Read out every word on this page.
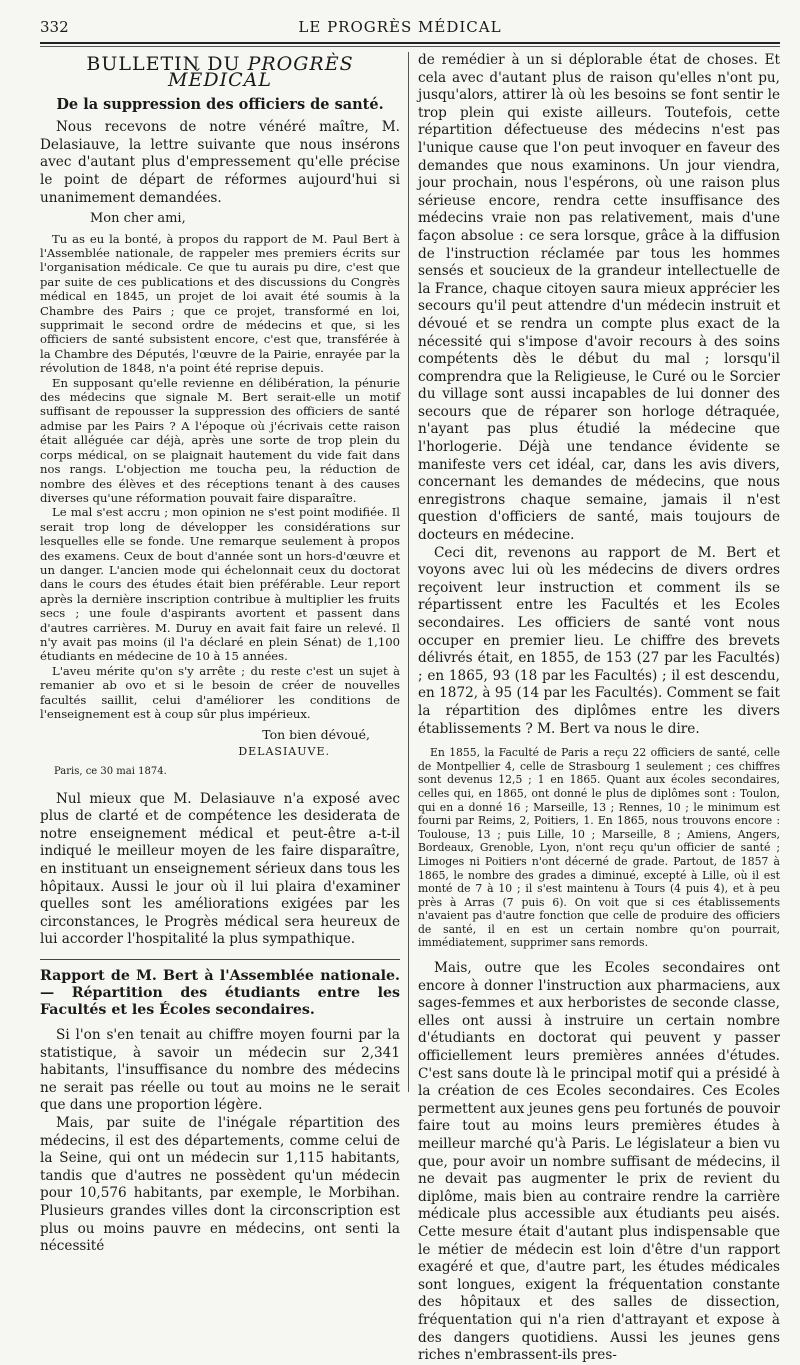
332	LE PROGRÈS MÉDICAL
BULLETIN DU PROGRÈS MÉDICAL
De la suppression des officiers de santé.

Nous recevons de notre vénéré maître, M. Delasiauve, la lettre suivante que nous insérons avec d'autant plus d'empressement qu'elle précise le point de départ de réformes aujourd'hui si unanimement demandées.

Mon cher ami,

Tu as eu la bonté, à propos du rapport de M. Paul Bert à l'Assemblée nationale, de rappeler mes premiers écrits sur l'organisation médicale. Ce que tu aurais pu dire, c'est que par suite de ces publications et des discussions du Congrès médical en 1845, un projet de loi avait été soumis à la Chambre des Pairs ; que ce projet, transformé en loi, supprimait le second ordre de médecins et que, si les officiers de santé subsistent encore, c'est que, transférée à la Chambre des Députés, l'œuvre de la Pairie, enrayée par la révolution de 1848, n'a point été reprise depuis.

En supposant qu'elle revienne en délibération, la pénurie des médecins que signale M. Bert serait-elle un motif suffisant de repousser la suppression des officiers de santé admise par les Pairs ? A l'époque où j'écrivais cette raison était alléguée car déjà, après une sorte de trop plein du corps médical, on se plaignait hautement du vide fait dans nos rangs. L'objection me toucha peu, la réduction de nombre des élèves et des réceptions tenant à des causes diverses qu'une réformation pouvait faire disparaître.

Le mal s'est accru ; mon opinion ne s'est point modifiée. Il serait trop long de développer les considérations sur lesquelles elle se fonde. Une remarque seulement à propos des examens. Ceux de bout d'année sont un hors-d'œuvre et un danger. L'ancien mode qui échelonnait ceux du doctorat dans le cours des études était bien préférable. Leur report après la dernière inscription contribue à multiplier les fruits secs ; une foule d'aspirants avortent et passent dans d'autres carrières. M. Duruy en avait fait faire un relevé. Il n'y avait pas moins (il l'a déclaré en plein Sénat) de 1,100 étudiants en médecine de 10 à 15 années.

L'aveu mérite qu'on s'y arrête ; du reste c'est un sujet à remanier ab ovo et si le besoin de créer de nouvelles facultés saillit, celui d'améliorer les conditions de l'enseignement est à coup sûr plus impérieux.

Ton bien dévoué,
DELASIAUVE.
Paris, ce 30 mai 1874.

Nul mieux que M. Delasiauve n'a exposé avec plus de clarté et de compétence les desiderata de notre enseignement médical et peut-être a-t-il indiqué le meilleur moyen de les faire disparaître, en instituant un enseignement sérieux dans tous les hôpitaux. Aussi le jour où il lui plaira d'examiner quelles sont les améliorations exigées par les circonstances, le Progrès médical sera heureux de lui accorder l'hospitalité la plus sympathique.

Rapport de M. Bert à l'Assemblée nationale. — Répartition des étudiants entre les Facultés et les Écoles secondaires.

Si l'on s'en tenait au chiffre moyen fourni par la statistique, à savoir un médecin sur 2,341 habitants, l'insuffisance du nombre des médecins ne serait pas réelle ou tout au moins ne le serait que dans une proportion légère.

Mais, par suite de l'inégale répartition des médecins, il est des départements, comme celui de la Seine, qui ont un médecin sur 1,115 habitants, tandis que d'autres ne possèdent qu'un médecin pour 10,576 habitants, par exemple, le Morbihan. Plusieurs grandes villes dont la circonscription est plus ou moins pauvre en médecins, ont senti la nécessité

de remédier à un si déplorable état de choses. Et cela avec d'autant plus de raison qu'elles n'ont pu, jusqu'alors, attirer là où les besoins se font sentir le trop plein qui existe ailleurs. Toutefois, cette répartition défectueuse des médecins n'est pas l'unique cause que l'on peut invoquer en faveur des demandes que nous examinons. Un jour viendra, jour prochain, nous l'espérons, où une raison plus sérieuse encore, rendra cette insuffisance des médecins vraie non pas relativement, mais d'une façon absolue : ce sera lorsque, grâce à la diffusion de l'instruction réclamée par tous les hommes sensés et soucieux de la grandeur intellectuelle de la France, chaque citoyen saura mieux apprécier les secours qu'il peut attendre d'un médecin instruit et dévoué et se rendra un compte plus exact de la nécessité qui s'impose d'avoir recours à des soins compétents dès le début du mal ; lorsqu'il comprendra que la Religieuse, le Curé ou le Sorcier du village sont aussi incapables de lui donner des secours que de réparer son horloge détraquée, n'ayant pas plus étudié la médecine que l'horlogerie. Déjà une tendance évidente se manifeste vers cet idéal, car, dans les avis divers, concernant les demandes de médecins, que nous enregistrons chaque semaine, jamais il n'est question d'officiers de santé, mais toujours de docteurs en médecine.

Ceci dit, revenons au rapport de M. Bert et voyons avec lui où les médecins de divers ordres reçoivent leur instruction et comment ils se répartissent entre les Facultés et les Ecoles secondaires. Les officiers de santé vont nous occuper en premier lieu. Le chiffre des brevets délivrés était, en 1855, de 153 (27 par les Facultés) ; en 1865, 93 (18 par les Facultés) ; il est descendu, en 1872, à 95 (14 par les Facultés). Comment se fait la répartition des diplômes entre les divers établissements ? M. Bert va nous le dire.

En 1855, la Faculté de Paris a reçu 22 officiers de santé, celle de Montpellier 4, celle de Strasbourg 1 seulement ; ces chiffres sont devenus 12,5 ; 1 en 1865. Quant aux écoles secondaires, celles qui, en 1865, ont donné le plus de diplômes sont : Toulon, qui en a donné 16 ; Marseille, 13 ; Rennes, 10 ; le minimum est fourni par Reims, 2, Poitiers, 1. En 1865, nous trouvons encore : Toulouse, 13 ; puis Lille, 10 ; Marseille, 8 ; Amiens, Angers, Bordeaux, Grenoble, Lyon, n'ont reçu qu'un officier de santé ; Limoges ni Poitiers n'ont décerné de grade. Partout, de 1857 à 1865, le nombre des grades a diminué, excepté à Lille, où il est monté de 7 à 10 ; il s'est maintenu à Tours (4 puis 4), et à peu près à Arras (7 puis 6). On voit que si ces établissements n'avaient pas d'autre fonction que celle de produire des officiers de santé, il en est un certain nombre qu'on pourrait, immédiatement, supprimer sans remords.

Mais, outre que les Ecoles secondaires ont encore à donner l'instruction aux pharmaciens, aux sages-femmes et aux herboristes de seconde classe, elles ont aussi à instruire un certain nombre d'étudiants en doctorat qui peuvent y passer officiellement leurs premières années d'études. C'est sans doute là le principal motif qui a présidé à la création de ces Ecoles secondaires. Ces Ecoles permettent aux jeunes gens peu fortunés de pouvoir faire tout au moins leurs premières études à meilleur marché qu'à Paris. Le législateur a bien vu que, pour avoir un nombre suffisant de médecins, il ne devait pas augmenter le prix de revient du diplôme, mais bien au contraire rendre la carrière médicale plus accessible aux étudiants peu aisés. Cette mesure était d'autant plus indispensable que le métier de médecin est loin d'être d'un rapport exagéré et que, d'autre part, les études médicales sont longues, exigent la fréquentation constante des hôpitaux et des salles de dissection, fréquentation qui n'a rien d'attrayant et expose à des dangers quotidiens. Aussi les jeunes gens riches n'embrassent-ils pres-
